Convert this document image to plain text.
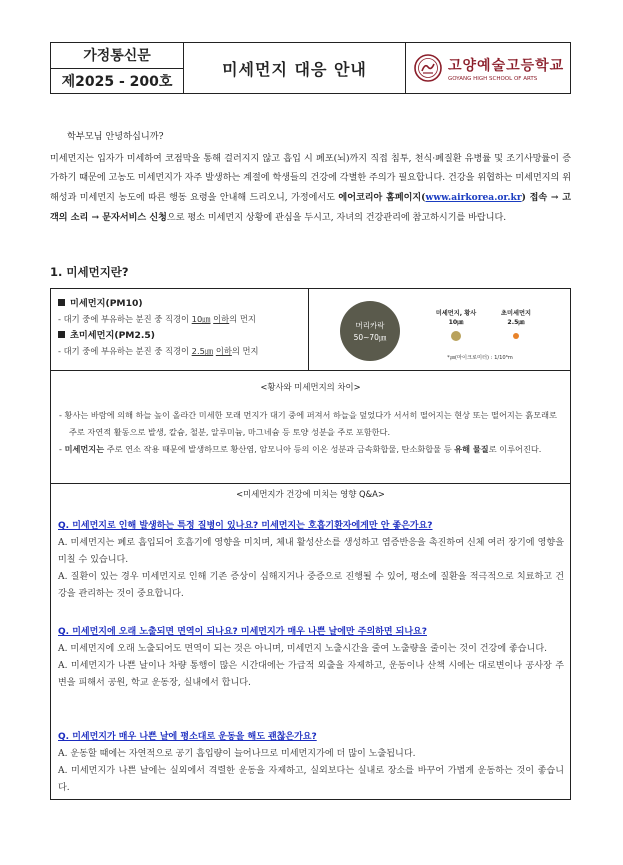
가정통신문
제2025 - 200호
미세먼지 대응 안내	고양예술고등학교
GOYANG HIGH SCHOOL OF ARTS
학부모님 안녕하십니까?

미세먼지는 입자가 미세하여 코점막을 통해 걸러지지 않고 흡입 시 폐포(뇌)까지 직접 침투, 천식·폐질환 유병률 및 조기사망률이 증가하기 때문에 고농도 미세먼지가 자주 발생하는 계절에 학생들의 건강에 각별한 주의가 필요합니다. 건강을 위협하는 미세먼지의 위해성과 미세먼지 농도에 따른 행동 요령을 안내해 드리오니, 가정에서도 에어코리아 홈페이지(www.airkorea.or.kr) 접속 → 고객의 소리 → 문자서비스 신청으로 평소 미세먼지 상황에 관심을 두시고, 자녀의 건강관리에 참고하시기를 바랍니다.

1. 미세먼지란?
미세먼지(PM10)
- 대기 중에 부유하는 분진 중 직경이 10㎛ 이하의 먼지
초미세먼지(PM2.5)
- 대기 중에 부유하는 분진 중 직경이 2.5㎛ 이하의 먼지
머리카락
50~70㎛
미세먼지, 황사
10㎛
초미세먼지
2.5㎛
*㎛(마이크로미터) : 1/10⁶m
<황사와 미세먼지의 차이>
- 황사는 바람에 의해 하늘 높이 올라간 미세한 모래 먼지가 대기 중에 퍼져서 하늘을 덮었다가 서서히 떨어지는 현상 또는 떨어지는 흙모래로 주로 자연적 활동으로 발생, 칼슘, 철분, 알루미늄, 마그네슘 등 토양 성분을 주로 포함한다.
- 미세먼지는 주로 연소 작용 때문에 발생하므로 황산염, 암모니아 등의 이온 성분과 금속화합물, 탄소화합물 등 유해 물질로 이루어진다.
<미세먼지가 건강에 미치는 영향 Q&A>
Q. 미세먼지로 인해 발생하는 특정 질병이 있나요? 미세먼지는 호흡기환자에게만 안 좋은가요?
A. 미세먼지는 폐로 흡입되어 호흡기에 영향을 미치며, 체내 활성산소를 생성하고 염증반응을 촉진하여 신체 여러 장기에 영향을 미칠 수 있습니다.
A. 질환이 있는 경우 미세먼지로 인해 기존 증상이 심해지거나 중증으로 진행될 수 있어, 평소에 질환을 적극적으로 치료하고 건강을 관리하는 것이 중요합니다.
Q. 미세먼지에 오래 노출되면 면역이 되나요? 미세먼지가 매우 나쁜 날에만 주의하면 되나요?
A. 미세먼지에 오래 노출되어도 면역이 되는 것은 아니며, 미세먼지 노출시간을 줄여 노출량을 줄이는 것이 건강에 좋습니다.
A. 미세먼지가 나쁜 날이나 차량 통행이 많은 시간대에는 가급적 외출을 자제하고, 운동이나 산책 시에는 대로변이나 공사장 주변을 피해서 공원, 학교 운동장, 실내에서 합니다.
Q. 미세먼지가 매우 나쁜 날에 평소대로 운동을 해도 괜찮은가요?
A. 운동할 때에는 자연적으로 공기 흡입량이 늘어나므로 미세먼지가에 더 많이 노출됩니다.
A. 미세먼지가 나쁜 날에는 실외에서 격렬한 운동을 자제하고, 실외보다는 실내로 장소를 바꾸어 가볍게 운동하는 것이 좋습니다.
